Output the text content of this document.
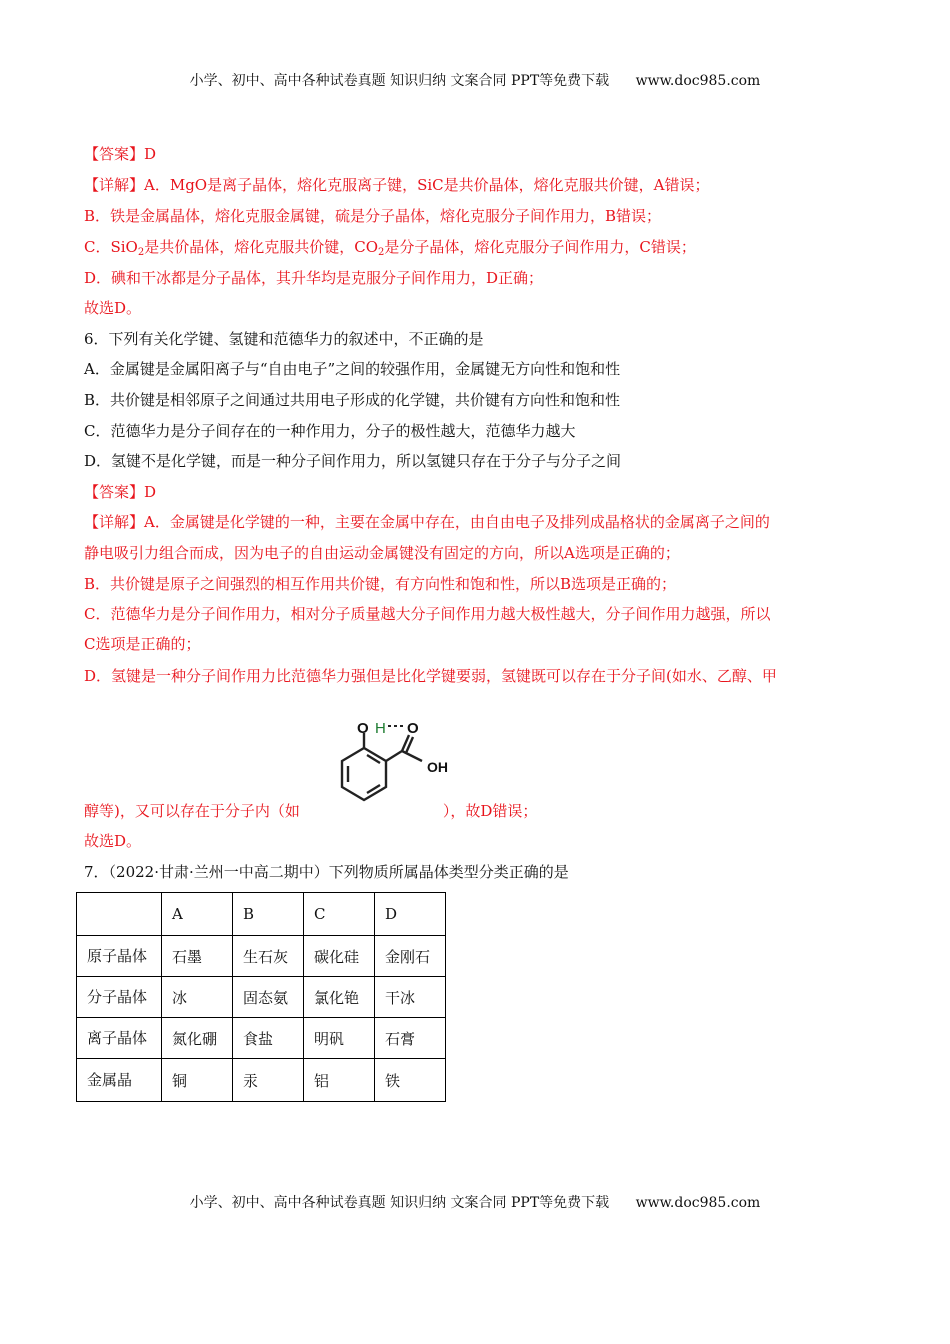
小学、初中、高中各种试卷真题 知识归纳 文案合同 PPT等免费下载 www.doc985.com
【答案】D
【详解】A．MgO是离子晶体，熔化克服离子键，SiC是共价晶体，熔化克服共价键，A错误；
B．铁是金属晶体，熔化克服金属键，硫是分子晶体，熔化克服分子间作用力，B错误；
C．SiO$_2$是共价晶体，熔化克服共价键，$CO_2$是分子晶体，熔化克服分子间作用力，C错误；
D．碘和干冰都是分子晶体，其升华均是克服分子间作用力，D正确；
故选D。
6．下列有关化学键、氢键和范德华力的叙述中，不正确的是
A．金属键是金属阳离子与“自由电子”之间的较强作用，金属键无方向性和饱和性
B．共价键是相邻原子之间通过共用电子形成的化学键，共价键有方向性和饱和性
C．范德华力是分子间存在的一种作用力，分子的极性越大，范德华力越大
D．氢键不是化学键，而是一种分子间作用力，所以氢键只存在于分子与分子之间
【答案】D
【详解】A．金属键是化学键的一种，主要在金属中存在，由自由电子及排列成晶格状的金属离子之间的
静电吸引力组合而成，因为电子的自由运动金属键没有固定的方向，所以A选项是正确的；
B．共价键是原子之间强烈的相互作用共价键，有方向性和饱和性，所以B选项是正确的；
C．范德华力是分子间作用力，相对分子质量越大分子间作用力越大极性越大，分子间作用力越强，所以
C选项是正确的；
D．氢键是一种分子间作用力比范德华力强但是比化学键要弱，氢键既可以存在于分子间(如水、乙醇、甲
O H O
OH
醇等)，又可以存在于分子内（如	），故D错误；
故选D。
7．（2022·甘肃·兰州一中高二期中）下列物质所属晶体类型分类正确的是
	A	B	C	D
原子晶体	石墨	生石灰	碳化硅	金刚石
分子晶体	冰	固态氨	氯化铯	干冰
离子晶体	氮化硼	食盐	明矾	石膏
金属晶	铜	汞	铝	铁
小学、初中、高中各种试卷真题 知识归纳 文案合同 PPT等免费下载 www.doc985.com
